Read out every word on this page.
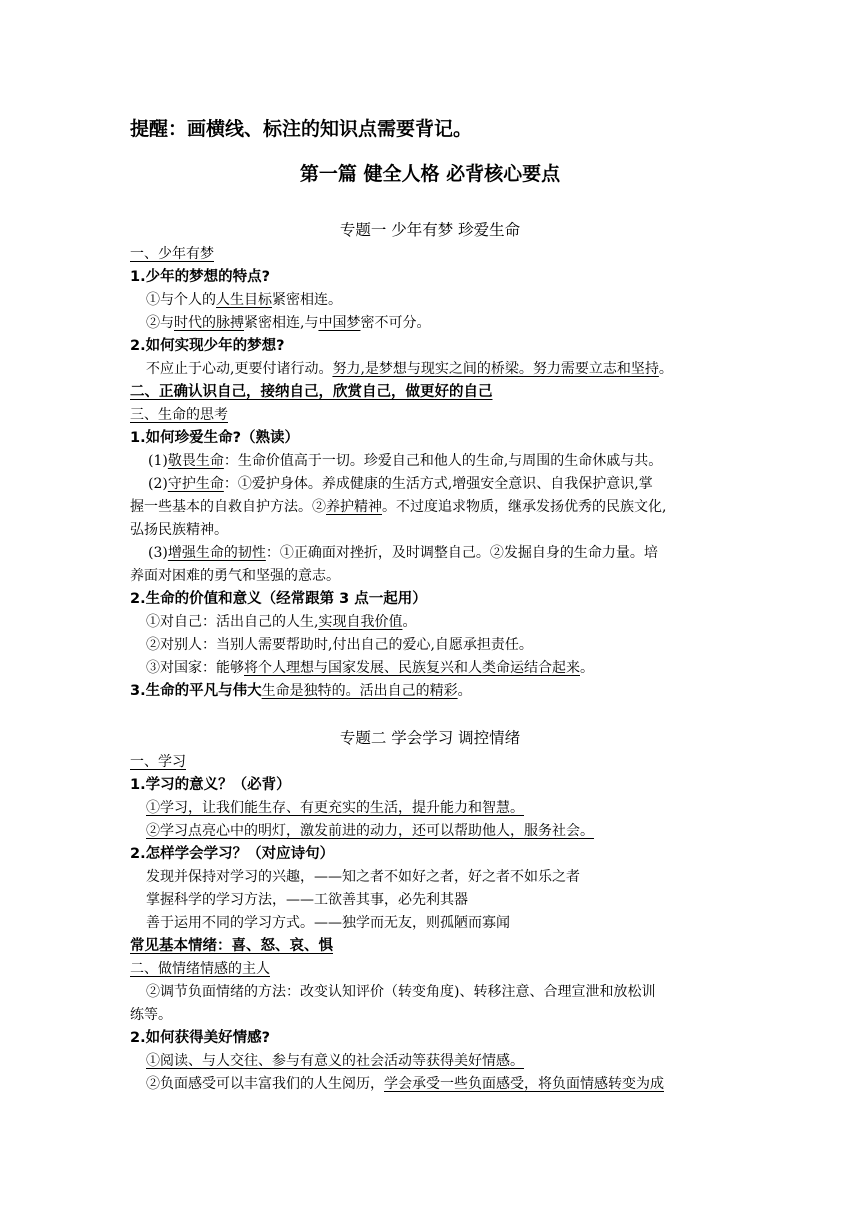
提醒：画横线、标注的知识点需要背记。
第一篇 健全人格 必背核心要点
专题一 少年有梦 珍爱生命
一、少年有梦
1.少年的梦想的特点?
①与个人的人生目标紧密相连。
②与时代的脉搏紧密相连,与中国梦密不可分。
2.如何实现少年的梦想?
不应止于心动,更要付诸行动。努力,是梦想与现实之间的桥梁。努力需要立志和坚持。
二、正确认识自己，接纳自己，欣赏自己，做更好的自己
三、生命的思考
1.如何珍爱生命?（熟读）
(1)敬畏生命：生命价值高于一切。珍爱自己和他人的生命,与周围的生命休戚与共。
(2)守护生命：①爱护身体。养成健康的生活方式,增强安全意识、自我保护意识,掌
握一些基本的自救自护方法。②养护精神。不过度追求物质，继承发扬优秀的民族文化,
弘扬民族精神。
(3)增强生命的韧性：①正确面对挫折，及时调整自己。②发掘自身的生命力量。培
养面对困难的勇气和坚强的意志。
2.生命的价值和意义（经常跟第 3 点一起用）
①对自己：活出自己的人生,实现自我价值。
②对别人：当别人需要帮助时,付出自己的爱心,自愿承担责任。
③对国家：能够将个人理想与国家发展、民族复兴和人类命运结合起来。
3.生命的平凡与伟大生命是独特的。活出自己的精彩。
专题二 学会学习 调控情绪
一、学习
1.学习的意义？（必背）
①学习，让我们能生存、有更充实的生活，提升能力和智慧。
②学习点亮心中的明灯，激发前进的动力，还可以帮助他人，服务社会。
2.怎样学会学习？（对应诗句）
发现并保持对学习的兴趣，——知之者不如好之者，好之者不如乐之者
掌握科学的学习方法，——工欲善其事，必先利其器
善于运用不同的学习方式。——独学而无友，则孤陋而寡闻
常见基本情绪：喜、怒、哀、惧
二、做情绪情感的主人
②调节负面情绪的方法：改变认知评价（转变角度)、转移注意、合理宣泄和放松训
练等。
2.如何获得美好情感?
①阅读、与人交往、参与有意义的社会活动等获得美好情感。
②负面感受可以丰富我们的人生阅历，学会承受一些负面感受，将负面情感转变为成
